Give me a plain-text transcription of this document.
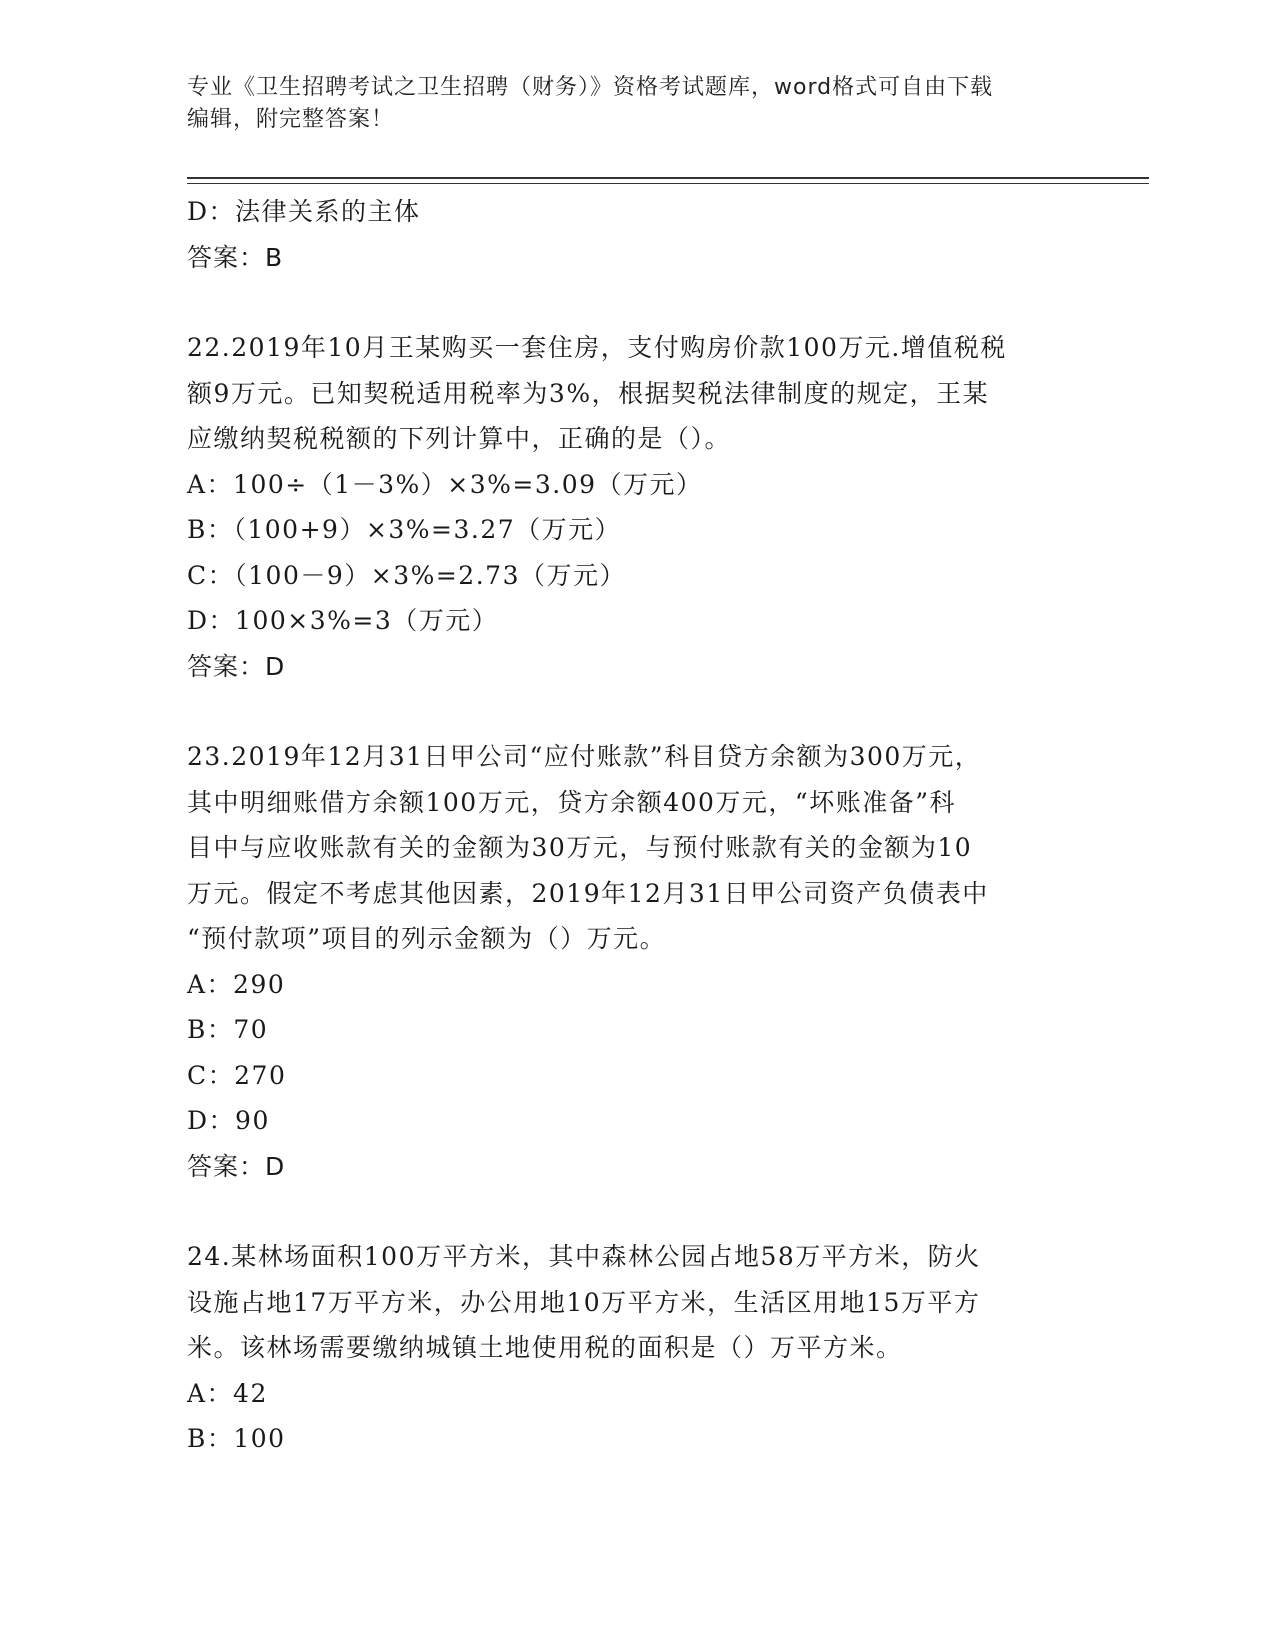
专业《卫生招聘考试之卫生招聘（财务）》资格考试题库，word格式可自由下载
编辑，附完整答案！
D：法律关系的主体
答案：B
22.2019年10月王某购买一套住房，支付购房价款100万元.增值税税
额9万元。已知契税适用税率为3%，根据契税法律制度的规定，王某
应缴纳契税税额的下列计算中，正确的是（）。
A：100÷（1－3%）×3%=3.09（万元）
B：（100+9）×3%=3.27（万元）
C：（100－9）×3%=2.73（万元）
D：100×3%=3（万元）
答案：D
23.2019年12月31日甲公司“应付账款”科目贷方余额为300万元，
其中明细账借方余额100万元，贷方余额400万元，“坏账准备”科
目中与应收账款有关的金额为30万元，与预付账款有关的金额为10
万元。假定不考虑其他因素，2019年12月31日甲公司资产负债表中
“预付款项”项目的列示金额为（）万元。
A：290
B：70
C：270
D：90
答案：D
24.某林场面积100万平方米，其中森林公园占地58万平方米，防火
设施占地17万平方米，办公用地10万平方米，生活区用地15万平方
米。该林场需要缴纳城镇土地使用税的面积是（）万平方米。
A：42
B：100
